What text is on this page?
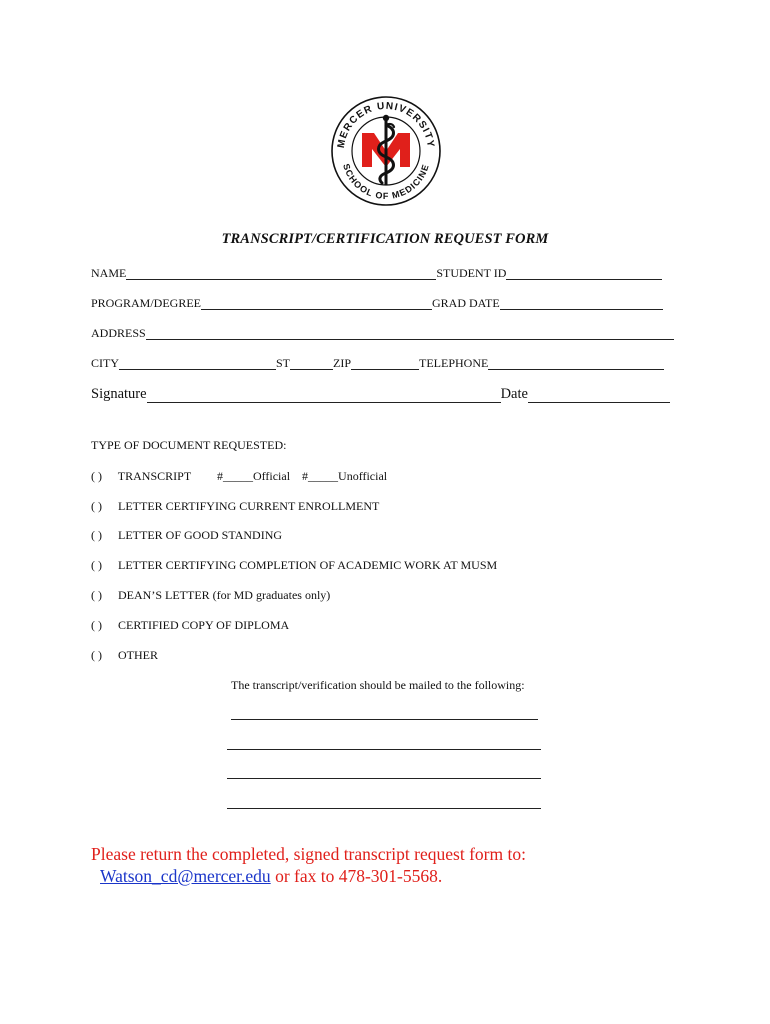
MERCER UNIVERSITY
SCHOOL OF MEDICINE
TRANSCRIPT/CERTIFICATION REQUEST FORM
NAME	STUDENT ID
PROGRAM/DEGREE	GRAD DATE
ADDRESS
CITY	ST	ZIP	TELEPHONE
Signature	Date
TYPE OF DOCUMENT REQUESTED:
( ) TRANSCRIPT #_____Official    #_____Unofficial
( ) LETTER CERTIFYING CURRENT ENROLLMENT
( ) LETTER OF GOOD STANDING
( ) LETTER CERTIFYING COMPLETION OF ACADEMIC WORK AT MUSM
( ) DEAN’S LETTER (for MD graduates only)
( ) CERTIFIED COPY OF DIPLOMA
( ) OTHER
The transcript/verification should be mailed to the following:
Please return the completed, signed transcript request form to:
Watson_cd@mercer.edu or fax to 478-301-5568.
